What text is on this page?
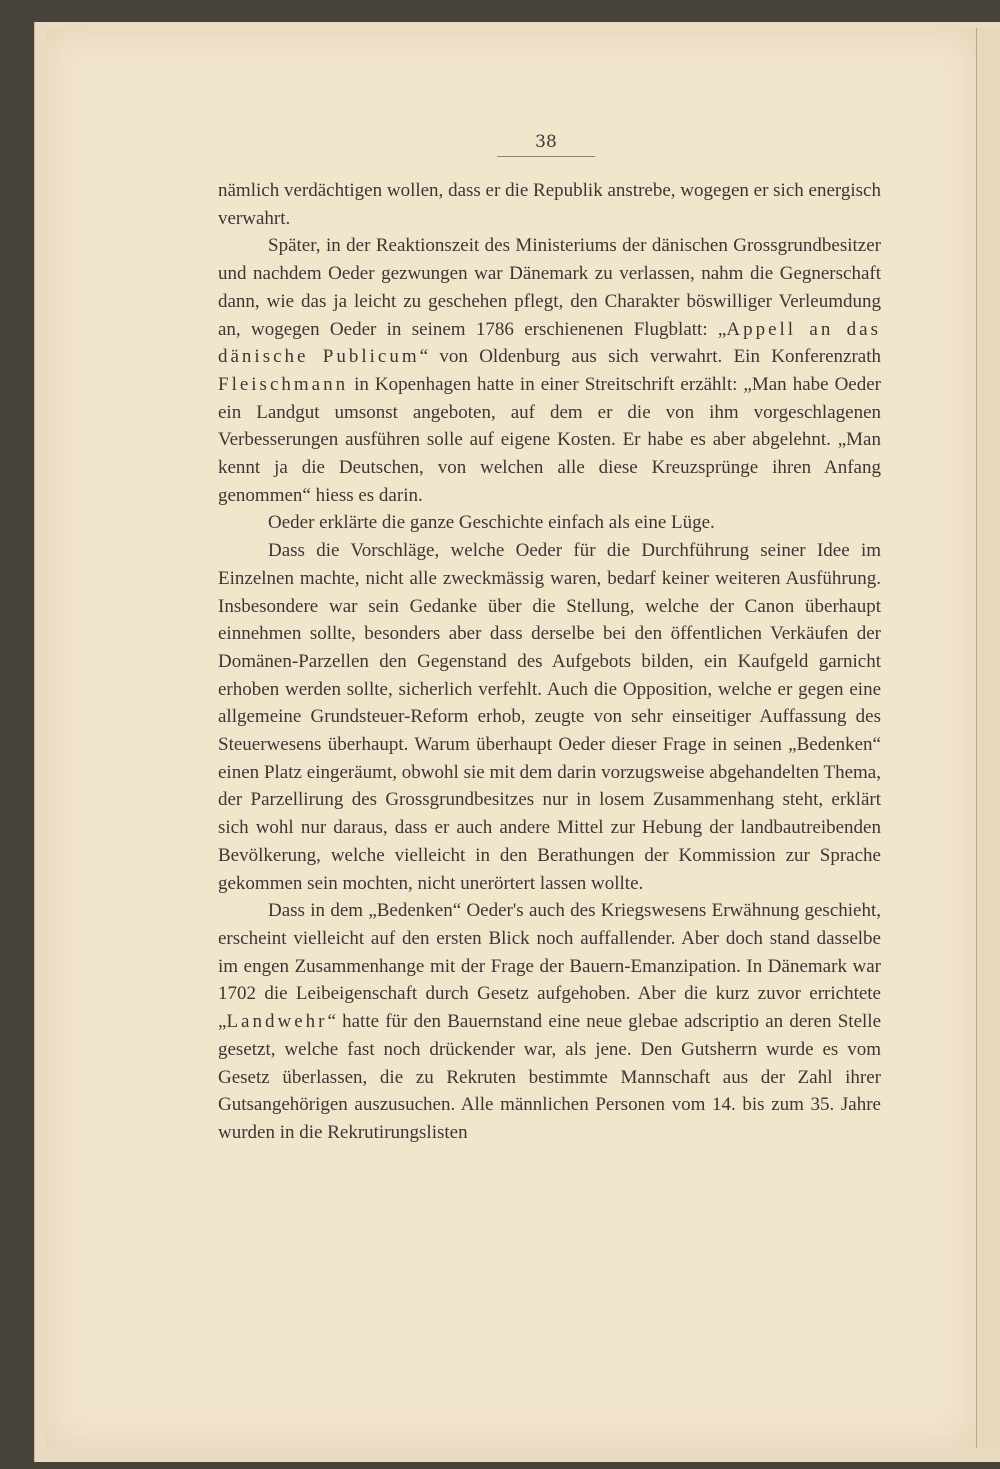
38

nämlich verdächtigen wollen, dass er die Republik anstrebe, wogegen er sich energisch verwahrt.

Später, in der Reaktionszeit des Ministeriums der dänischen Grossgrundbesitzer und nachdem Oeder gezwungen war Dänemark zu verlassen, nahm die Gegnerschaft dann, wie das ja leicht zu geschehen pflegt, den Charakter böswilliger Verleumdung an, wogegen Oeder in seinem 1786 erschienenen Flugblatt: „Appell an das dänische Publicum“ von Oldenburg aus sich verwahrt. Ein Konferenzrath Fleischmann in Kopenhagen hatte in einer Streitschrift erzählt: „Man habe Oeder ein Landgut umsonst angeboten, auf dem er die von ihm vorgeschlagenen Verbesserungen ausführen solle auf eigene Kosten. Er habe es aber abgelehnt. „Man kennt ja die Deutschen, von welchen alle diese Kreuzsprünge ihren Anfang genommen“ hiess es darin.

Oeder erklärte die ganze Geschichte einfach als eine Lüge.

Dass die Vorschläge, welche Oeder für die Durchführung seiner Idee im Einzelnen machte, nicht alle zweckmässig waren, bedarf keiner weiteren Ausführung. Insbesondere war sein Gedanke über die Stellung, welche der Canon überhaupt einnehmen sollte, besonders aber dass derselbe bei den öffentlichen Verkäufen der Domänen-Parzellen den Gegenstand des Aufgebots bilden, ein Kaufgeld garnicht erhoben werden sollte, sicherlich verfehlt. Auch die Opposition, welche er gegen eine allgemeine Grundsteuer-Reform erhob, zeugte von sehr einseitiger Auffassung des Steuerwesens überhaupt. Warum überhaupt Oeder dieser Frage in seinen „Bedenken“ einen Platz eingeräumt, obwohl sie mit dem darin vorzugsweise abgehandelten Thema, der Parzellirung des Grossgrundbesitzes nur in losem Zusammenhang steht, erklärt sich wohl nur daraus, dass er auch andere Mittel zur Hebung der landbautreibenden Bevölkerung, welche vielleicht in den Berathungen der Kommission zur Sprache gekommen sein mochten, nicht unerörtert lassen wollte.

Dass in dem „Bedenken“ Oeder's auch des Kriegswesens Erwähnung geschieht, erscheint vielleicht auf den ersten Blick noch auffallender. Aber doch stand dasselbe im engen Zusammenhange mit der Frage der Bauern-Emanzipation. In Dänemark war 1702 die Leibeigenschaft durch Gesetz aufgehoben. Aber die kurz zuvor errichtete „Landwehr“ hatte für den Bauernstand eine neue glebae adscriptio an deren Stelle gesetzt, welche fast noch drückender war, als jene. Den Gutsherrn wurde es vom Gesetz überlassen, die zu Rekruten bestimmte Mannschaft aus der Zahl ihrer Gutsangehörigen auszusuchen. Alle männlichen Personen vom 14. bis zum 35. Jahre wurden in die Rekrutirungslisten
